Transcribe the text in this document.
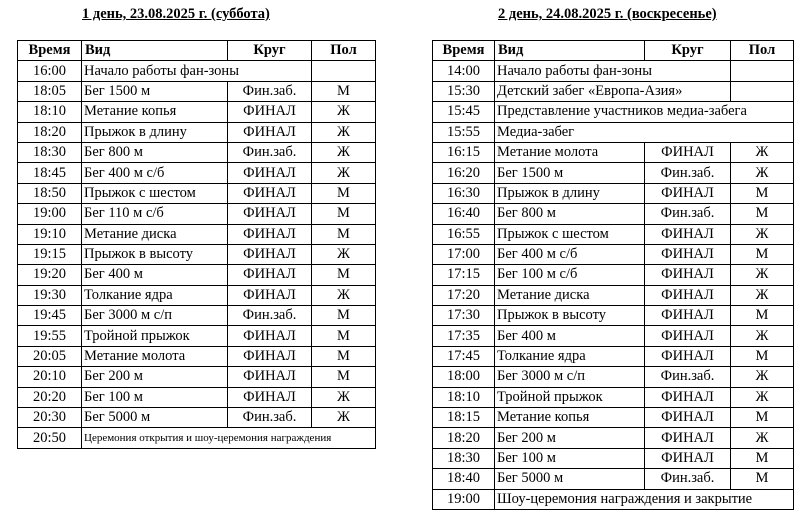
1 день, 23.08.2025 г. (суббота)	2 день, 24.08.2025 г. (воскресенье)
Время	Вид	Круг	Пол
16:00	Начало работы фан-зоны		
18:05	Бег 1500 м	Фин.заб.	М
18:10	Метание копья	ФИНАЛ	Ж
18:20	Прыжок в длину	ФИНАЛ	Ж
18:30	Бег 800 м	Фин.заб.	Ж
18:45	Бег 400 м с/б	ФИНАЛ	Ж
18:50	Прыжок с шестом	ФИНАЛ	М
19:00	Бег 110 м с/б	ФИНАЛ	М
19:10	Метание диска	ФИНАЛ	М
19:15	Прыжок в высоту	ФИНАЛ	Ж
19:20	Бег 400 м	ФИНАЛ	М
19:30	Толкание ядра	ФИНАЛ	Ж
19:45	Бег 3000 м с/п	Фин.заб.	М
19:55	Тройной прыжок	ФИНАЛ	М
20:05	Метание молота	ФИНАЛ	М
20:10	Бег 200 м	ФИНАЛ	М
20:20	Бег 100 м	ФИНАЛ	Ж
20:30	Бег 5000 м	Фин.заб.	Ж
20:50	Церемония открытия и шоу-церемония награждения		
Время	Вид	Круг	Пол
14:00	Начало работы фан-зоны		
15:30	Детский забег «Европа-Азия»		
15:45	Представление участников медиа-забега		
15:55	Медиа-забег		
16:15	Метание молота	ФИНАЛ	Ж
16:20	Бег 1500 м	Фин.заб.	Ж
16:30	Прыжок в длину	ФИНАЛ	М
16:40	Бег 800 м	Фин.заб.	М
16:55	Прыжок с шестом	ФИНАЛ	Ж
17:00	Бег 400 м с/б	ФИНАЛ	М
17:15	Бег 100 м с/б	ФИНАЛ	Ж
17:20	Метание диска	ФИНАЛ	Ж
17:30	Прыжок в высоту	ФИНАЛ	М
17:35	Бег 400 м	ФИНАЛ	Ж
17:45	Толкание ядра	ФИНАЛ	М
18:00	Бег 3000 м с/п	Фин.заб.	Ж
18:10	Тройной прыжок	ФИНАЛ	Ж
18:15	Метание копья	ФИНАЛ	М
18:20	Бег 200 м	ФИНАЛ	Ж
18:30	Бег 100 м	ФИНАЛ	М
18:40	Бег 5000 м	Фин.заб.	М
19:00	Шоу-церемония награждения и закрытие		
